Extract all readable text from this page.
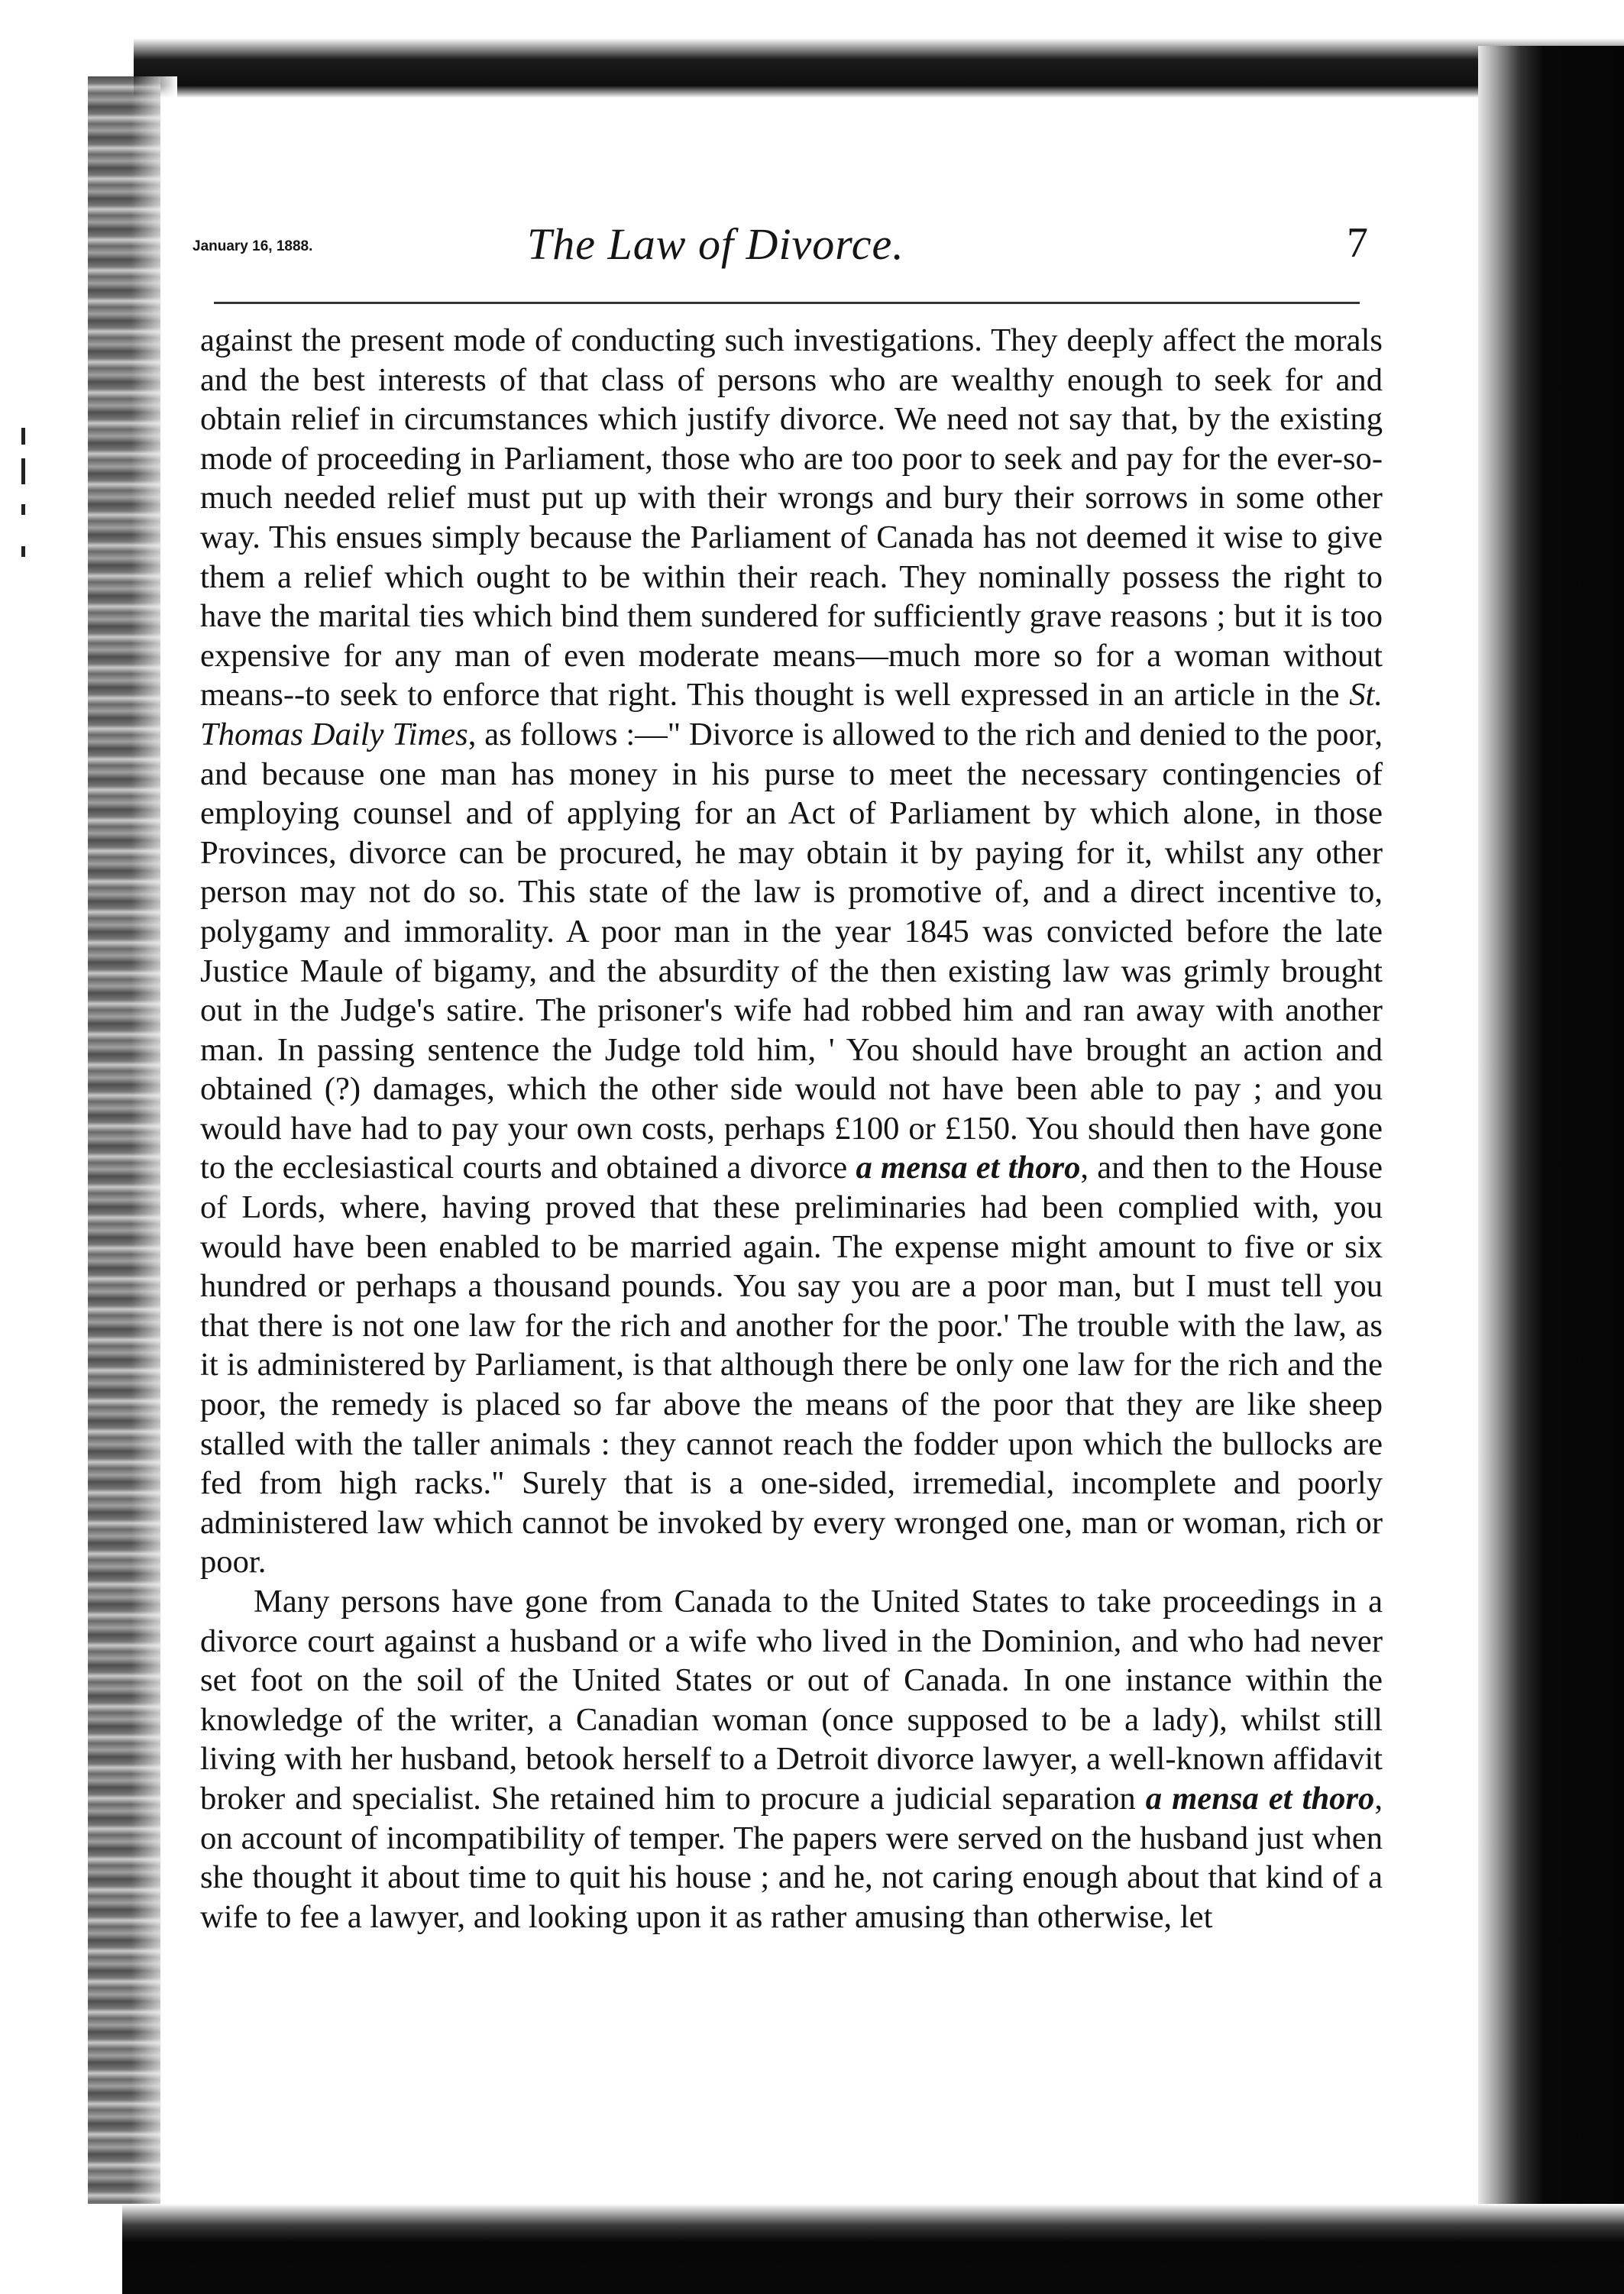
January 16, 1888.	The Law of Divorce.	7

against the present mode of conducting such investigations. They deeply affect the morals and the best interests of that class of persons who are wealthy enough to seek for and obtain relief in circumstances which justify divorce. We need not say that, by the existing mode of proceeding in Parliament, those who are too poor to seek and pay for the ever-so-much needed relief must put up with their wrongs and bury their sorrows in some other way. This ensues simply because the Parliament of Canada has not deemed it wise to give them a relief which ought to be within their reach. They nominally possess the right to have the marital ties which bind them sundered for sufficiently grave reasons ; but it is too expensive for any man of even moderate means—much more so for a woman without means--to seek to enforce that right. This thought is well expressed in an article in the St. Thomas Daily Times, as follows :—" Divorce is allowed to the rich and denied to the poor, and because one man has money in his purse to meet the necessary contingencies of employing counsel and of applying for an Act of Parliament by which alone, in those Provinces, divorce can be procured, he may obtain it by paying for it, whilst any other person may not do so. This state of the law is promotive of, and a direct incentive to, polygamy and immorality. A poor man in the year 1845 was convicted before the late Justice Maule of bigamy, and the absurdity of the then existing law was grimly brought out in the Judge's satire. The prisoner's wife had robbed him and ran away with another man. In passing sentence the Judge told him, ' You should have brought an action and obtained (?) damages, which the other side would not have been able to pay ; and you would have had to pay your own costs, perhaps £100 or £150. You should then have gone to the ecclesiastical courts and obtained a divorce a mensa et thoro, and then to the House of Lords, where, having proved that these preliminaries had been complied with, you would have been enabled to be married again. The expense might amount to five or six hundred or perhaps a thousand pounds. You say you are a poor man, but I must tell you that there is not one law for the rich and another for the poor.' The trouble with the law, as it is administered by Parliament, is that although there be only one law for the rich and the poor, the remedy is placed so far above the means of the poor that they are like sheep stalled with the taller animals : they cannot reach the fodder upon which the bullocks are fed from high racks." Surely that is a one-sided, irremedial, incomplete and poorly administered law which cannot be invoked by every wronged one, man or woman, rich or poor.

Many persons have gone from Canada to the United States to take proceedings in a divorce court against a husband or a wife who lived in the Dominion, and who had never set foot on the soil of the United States or out of Canada. In one instance within the knowledge of the writer, a Canadian woman (once supposed to be a lady), whilst still living with her husband, betook herself to a Detroit divorce lawyer, a well-known affidavit broker and specialist. She retained him to procure a judicial separation a mensa et thoro, on account of incompatibility of temper. The papers were served on the husband just when she thought it about time to quit his house ; and he, not caring enough about that kind of a wife to fee a lawyer, and looking upon it as rather amusing than otherwise, let
